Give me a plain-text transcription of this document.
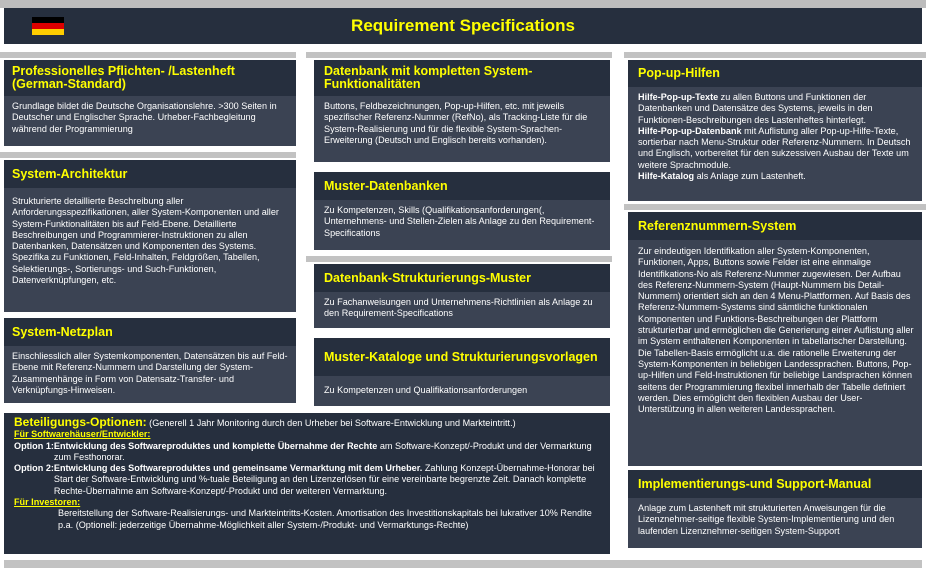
Requirement Specifications
Professionelles Pflichten- /Lastenheft (German-Standard)

Grundlage bildet die Deutsche Organisationslehre. >300 Seiten in Deutscher und Englischer Sprache. Urheber-Fachbegleitung während der Programmierung

System-Architektur

Strukturierte detaillierte Beschreibung aller Anforderungsspezifikationen, aller System-Komponenten und aller System-Funktionalitäten bis auf Feld-Ebene. Detaillierte Beschreibungen und Programmierer-Instruktionen zu allen Datenbanken, Datensätzen und Komponenten des Systems. Spezifika zu Funktionen, Feld-Inhalten, Feldgrößen, Tabellen, Selektierungs-, Sortierungs- und Such-Funktionen, Datenverknüpfungen, etc.

System-Netzplan

Einschliesslich aller Systemkomponenten, Datensätzen bis auf Feld-Ebene mit Referenz-Nummern und Darstellung der System-Zusammenhänge in Form von Datensatz-Transfer- und Verknüpfungs-Hinweisen.

Datenbank mit kompletten System-Funktionalitäten

Buttons, Feldbezeichnungen, Pop-up-Hilfen, etc. mit jeweils spezifischer Referenz-Nummer (RefNo), als Tracking-Liste für die System-Realisierung und für die flexible System-Sprachen-Erweiterung (Deutsch und Englisch bereits vorhanden).

Muster-Datenbanken

Zu Kompetenzen, Skills (Qualifikationsanforderungen(, Unternehmens- und Stellen-Zielen als Anlage zu den Requirement-Specifications

Datenbank-Strukturierungs-Muster

Zu Fachanweisungen und Unternehmens-Richtlinien als Anlage zu den Requirement-Specifications

Muster-Kataloge und Strukturierungsvorlagen

Zu Kompetenzen und Qualifikationsanforderungen

Pop-up-Hilfen

Hilfe-Pop-up-Texte zu allen Buttons und Funktionen der Datenbanken und Datensätze des Systems, jeweils in den Funktionen-Beschreibungen des Lastenheftes hinterlegt.

Hilfe-Pop-up-Datenbank mit Auflistung aller Pop-up-Hilfe-Texte, sortierbar nach Menu-Struktur oder Referenz-Nummern. In Deutsch und Englisch, vorbereitet für den sukzessiven Ausbau der Texte um weitere Sprachmodule.

Hilfe-Katalog als Anlage zum Lastenheft.

Referenznummern-System

Zur eindeutigen Identifikation aller System-Komponenten, Funktionen, Apps, Buttons sowie Felder ist eine einmalige Identifikations-No als Referenz-Nummer zugewiesen. Der Aufbau des Referenz-Nummern-System (Haupt-Nummern bis Detail-Nummern) orientiert sich an den 4 Menu-Plattformen. Auf Basis des Referenz-Nummern-Systems sind sämtliche funktionalen Komponenten und Funktions-Beschreibungen der Plattform strukturierbar und ermöglichen die Generierung einer Auflistung aller im System enthaltenen Komponenten in tabellarischer Darstellung. Die Tabellen-Basis ermöglicht u.a. die rationelle Erweiterung der System-Komponenten in beliebigen Landessprachen. Buttons, Pop-up-Hilfen und Feld-Instruktionen für beliebige Landsprachen können seitens der Programmierung flexibel innerhalb der Tabelle definiert werden. Dies ermöglicht den flexiblen Ausbau der User-Unterstützung in allen weiteren Landessprachen.

Implementierungs-und Support-Manual

Anlage zum Lastenheft mit strukturierten Anweisungen für die Lizenznehmer-seitige flexible System-Implementierung und den laufenden Lizenznehmer-seitigen System-Support

Beteiligungs-Optionen: (Generell 1 Jahr Monitoring durch den Urheber bei Software-Entwicklung und Markteintritt.)
Für Softwarehäuser/Entwickler:
Option 1: Entwicklung des Softwareproduktes und komplette Übernahme der Rechte am Software-Konzept/-Produkt und der Vermarktung zum Festhonorar.
Option 2: Entwicklung des Softwareproduktes und gemeinsame Vermarktung mit dem Urheber. Zahlung Konzept-Übernahme-Honorar bei Start der Software-Entwicklung und %-tuale Beteiligung an den Lizenzerlösen für eine vereinbarte begrenzte Zeit. Danach komplette Rechte-Übernahme am Software-Konzept/-Produkt und der weiteren Vermarktung.
Für Investoren:
Bereitstellung der Software-Realisierungs- und Markteintritts-Kosten. Amortisation des Investitionskapitals bei lukrativer 10% Rendite p.a. (Optionell: jederzeitige Übernahme-Möglichkeit aller System-/Produkt- und Vermarktungs-Rechte)
